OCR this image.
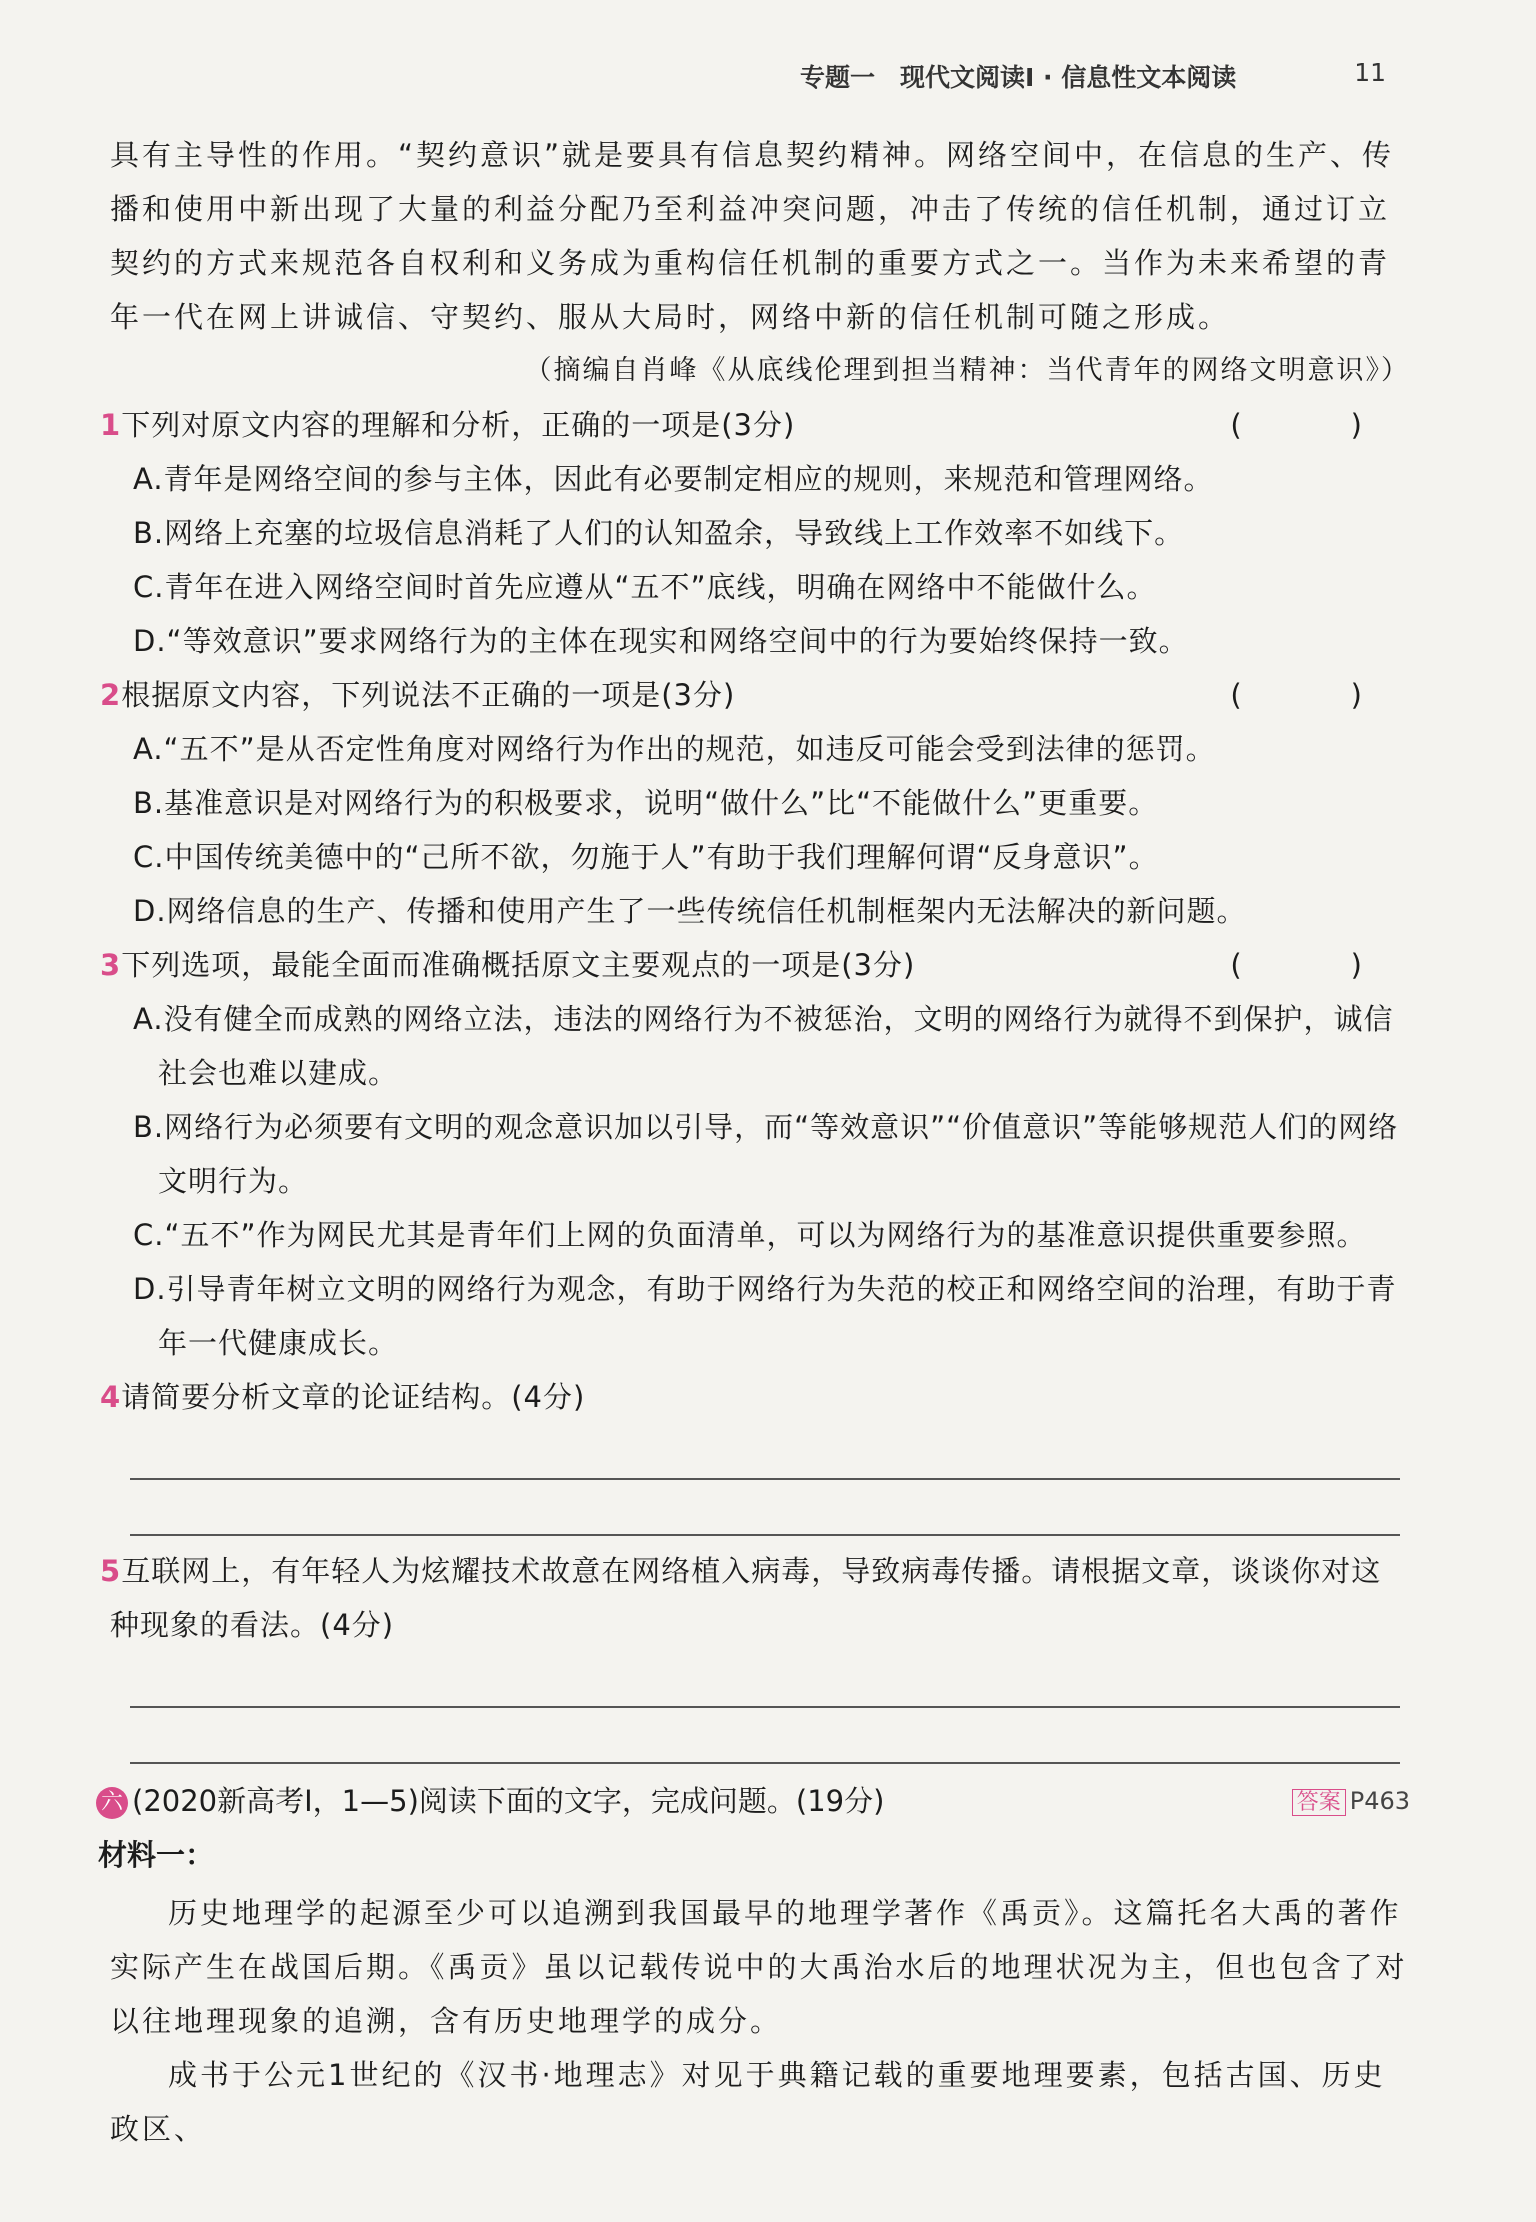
专题一　现代文阅读Ⅰ · 信息性文本阅读	11

具有主导性的作用。“契约意识”就是要具有信息契约精神。网络空间中，在信息的生产、传播和使用中新出现了大量的利益分配乃至利益冲突问题，冲击了传统的信任机制，通过订立契约的方式来规范各自权利和义务成为重构信任机制的重要方式之一。当作为未来希望的青年一代在网上讲诚信、守契约、服从大局时，网络中新的信任机制可随之形成。

（摘编自肖峰《从底线伦理到担当精神：当代青年的网络文明意识》）

1下列对原文内容的理解和分析，正确的一项是(3分)	(　)

A.青年是网络空间的参与主体，因此有必要制定相应的规则，来规范和管理网络。

B.网络上充塞的垃圾信息消耗了人们的认知盈余，导致线上工作效率不如线下。

C.青年在进入网络空间时首先应遵从“五不”底线，明确在网络中不能做什么。

D.“等效意识”要求网络行为的主体在现实和网络空间中的行为要始终保持一致。

2根据原文内容，下列说法不正确的一项是(3分)	(　)

A.“五不”是从否定性角度对网络行为作出的规范，如违反可能会受到法律的惩罚。

B.基准意识是对网络行为的积极要求，说明“做什么”比“不能做什么”更重要。

C.中国传统美德中的“己所不欲，勿施于人”有助于我们理解何谓“反身意识”。

D.网络信息的生产、传播和使用产生了一些传统信任机制框架内无法解决的新问题。

3下列选项，最能全面而准确概括原文主要观点的一项是(3分)	(　)

A.没有健全而成熟的网络立法，违法的网络行为不被惩治，文明的网络行为就得不到保护，诚信社会也难以建成。

B.网络行为必须要有文明的观念意识加以引导，而“等效意识”“价值意识”等能够规范人们的网络文明行为。

C.“五不”作为网民尤其是青年们上网的负面清单，可以为网络行为的基准意识提供重要参照。

D.引导青年树立文明的网络行为观念，有助于网络行为失范的校正和网络空间的治理，有助于青年一代健康成长。

4请简要分析文章的论证结构。(4分)

5互联网上，有年轻人为炫耀技术故意在网络植入病毒，导致病毒传播。请根据文章，谈谈你对这种现象的看法。(4分)

六 (2020新高考Ⅰ，1—5)阅读下面的文字，完成问题。(19分)	答案 P463

材料一：

历史地理学的起源至少可以追溯到我国最早的地理学著作《禹贡》。这篇托名大禹的著作实际产生在战国后期。《禹贡》虽以记载传说中的大禹治水后的地理状况为主，但也包含了对以往地理现象的追溯，含有历史地理学的成分。

成书于公元1世纪的《汉书·地理志》对见于典籍记载的重要地理要素，包括古国、历史政区、
